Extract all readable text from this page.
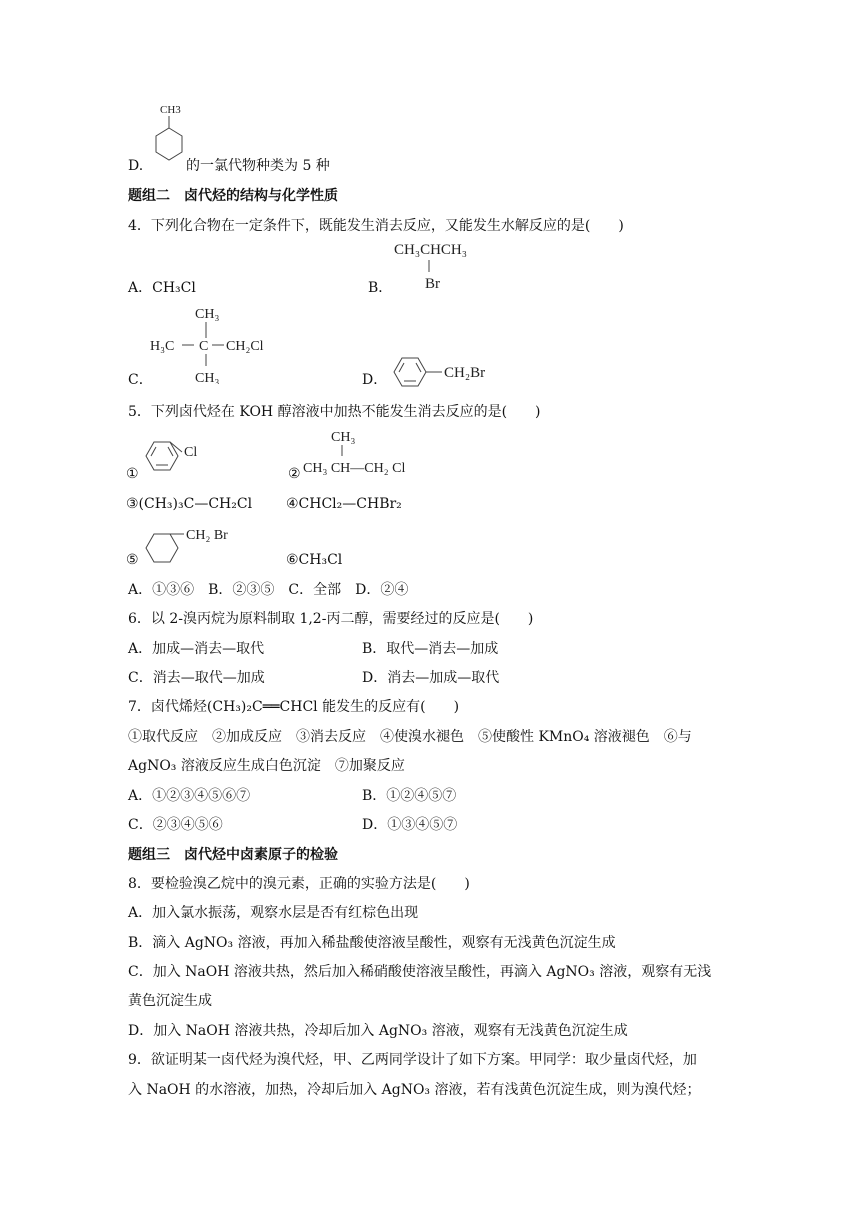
D.
CH3
的一氯代物种类为 5 种
题组二　卤代烃的结构与化学性质
4．下列化合物在一定条件下，既能发生消去反应，又能发生水解反应的是(　　)
CH₃CHCH₃
Br
A．CH₃Cl	B．
CH₃
H₃C C CH₂Cl
CH₃
C．	D．	CH₂Br
5．下列卤代烃在 KOH 醇溶液中加热不能发生消去反应的是(　　)
①
Cl
CH₃
CH₃ CH—CH₂ Cl
②
③(CH₃)₃C—CH₂Cl ④CHCl₂—CHBr₂
⑤
CH₂ Br
⑥CH₃Cl
A．①③⑥　B．②③⑤　C．全部　D．②④
6．以 2-溴丙烷为原料制取 1,2-丙二醇，需要经过的反应是(　　)
A．加成—消去—取代	B．取代—消去—加成
C．消去—取代—加成	D．消去—加成—取代
7．卤代烯烃(CH₃)₂C══CHCl 能发生的反应有(　　)
①取代反应　②加成反应　③消去反应　④使溴水褪色　⑤使酸性 KMnO₄ 溶液褪色　⑥与
AgNO₃ 溶液反应生成白色沉淀　⑦加聚反应
A．①②③④⑤⑥⑦	B．①②④⑤⑦
C．②③④⑤⑥	D．①③④⑤⑦
题组三　卤代烃中卤素原子的检验
8．要检验溴乙烷中的溴元素，正确的实验方法是(　　)
A．加入氯水振荡，观察水层是否有红棕色出现
B．滴入 AgNO₃ 溶液，再加入稀盐酸使溶液呈酸性，观察有无浅黄色沉淀生成
C．加入 NaOH 溶液共热，然后加入稀硝酸使溶液呈酸性，再滴入 AgNO₃ 溶液，观察有无浅
黄色沉淀生成
D．加入 NaOH 溶液共热，冷却后加入 AgNO₃ 溶液，观察有无浅黄色沉淀生成
9．欲证明某一卤代烃为溴代烃，甲、乙两同学设计了如下方案。甲同学：取少量卤代烃，加
入 NaOH 的水溶液，加热，冷却后加入 AgNO₃ 溶液，若有浅黄色沉淀生成，则为溴代烃；
